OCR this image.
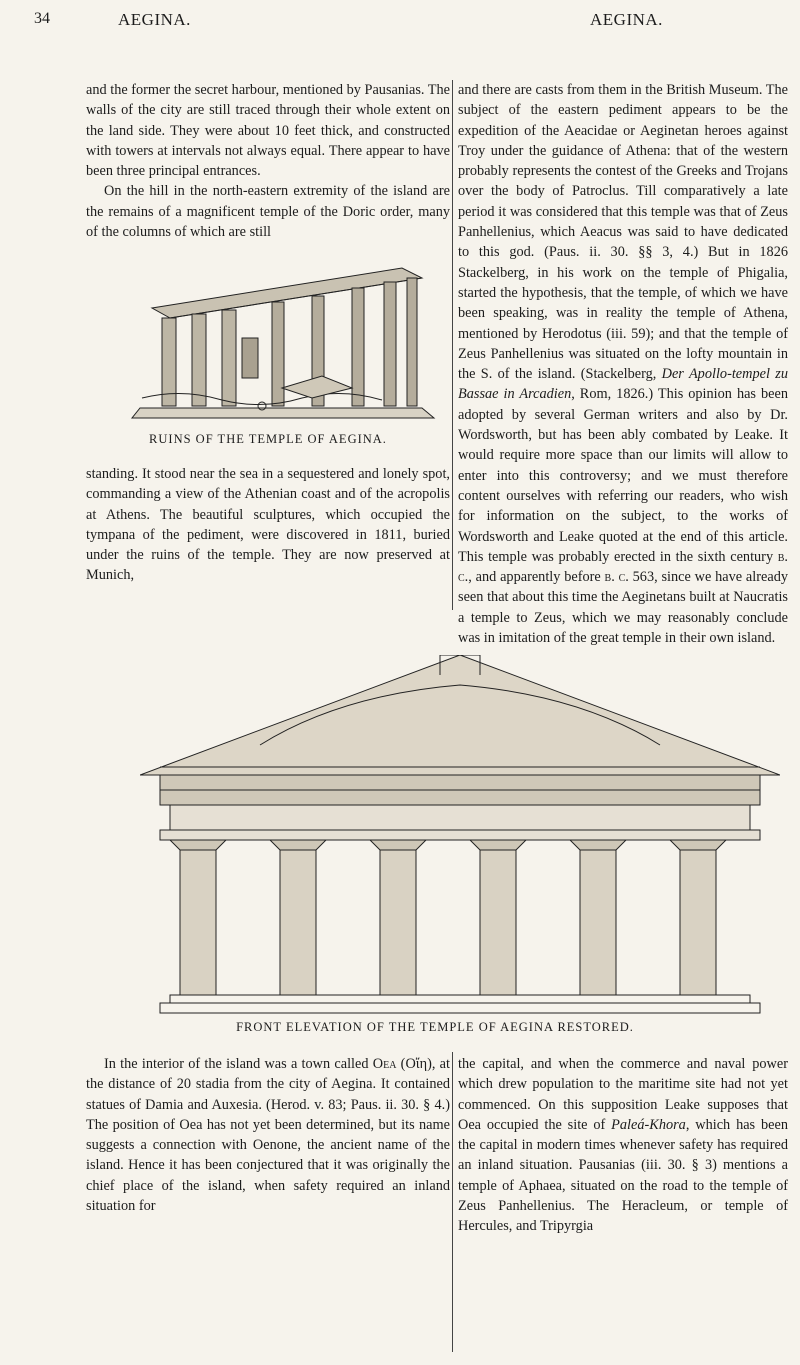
34	AEGINA.	AEGINA.

and the former the secret harbour, mentioned by Pausanias. The walls of the city are still traced through their whole extent on the land side. They were about 10 feet thick, and constructed with towers at intervals not always equal. There appear to have been three principal entrances.

On the hill in the north-eastern extremity of the island are the remains of a magnificent temple of the Doric order, many of the columns of which are still

RUINS OF THE TEMPLE OF AEGINA.

standing. It stood near the sea in a sequestered and lonely spot, commanding a view of the Athenian coast and of the acropolis at Athens. The beautiful sculptures, which occupied the tympana of the pediment, were discovered in 1811, buried under the ruins of the temple. They are now preserved at Munich,

and there are casts from them in the British Museum. The subject of the eastern pediment appears to be the expedition of the Aeacidae or Aeginetan heroes against Troy under the guidance of Athena: that of the western probably represents the contest of the Greeks and Trojans over the body of Patroclus. Till comparatively a late period it was considered that this temple was that of Zeus Panhellenius, which Aeacus was said to have dedicated to this god. (Paus. ii. 30. §§ 3, 4.) But in 1826 Stackelberg, in his work on the temple of Phigalia, started the hypothesis, that the temple, of which we have been speaking, was in reality the temple of Athena, mentioned by Herodotus (iii. 59); and that the temple of Zeus Panhellenius was situated on the lofty mountain in the S. of the island. (Stackelberg, Der Apollo-tempel zu Bassae in Arcadien, Rom, 1826.) This opinion has been adopted by several German writers and also by Dr. Wordsworth, but has been ably combated by Leake. It would require more space than our limits will allow to enter into this controversy; and we must therefore content ourselves with referring our readers, who wish for information on the subject, to the works of Wordsworth and Leake quoted at the end of this article. This temple was probably erected in the sixth century b. c., and apparently before b. c. 563, since we have already seen that about this time the Aeginetans built at Naucratis a temple to Zeus, which we may reasonably conclude was in imitation of the great temple in their own island.

FRONT ELEVATION OF THE TEMPLE OF AEGINA RESTORED.

In the interior of the island was a town called Oea (Οἴη), at the distance of 20 stadia from the city of Aegina. It contained statues of Damia and Auxesia. (Herod. v. 83; Paus. ii. 30. § 4.) The position of Oea has not yet been determined, but its name suggests a connection with Oenone, the ancient name of the island. Hence it has been conjectured that it was originally the chief place of the island, when safety required an inland situation for

the capital, and when the commerce and naval power which drew population to the maritime site had not yet commenced. On this supposition Leake supposes that Oea occupied the site of Paleá-Khora, which has been the capital in modern times whenever safety has required an inland situation. Pausanias (iii. 30. § 3) mentions a temple of Aphaea, situated on the road to the temple of Zeus Panhellenius. The Heracleum, or temple of Hercules, and Tripyrgia
